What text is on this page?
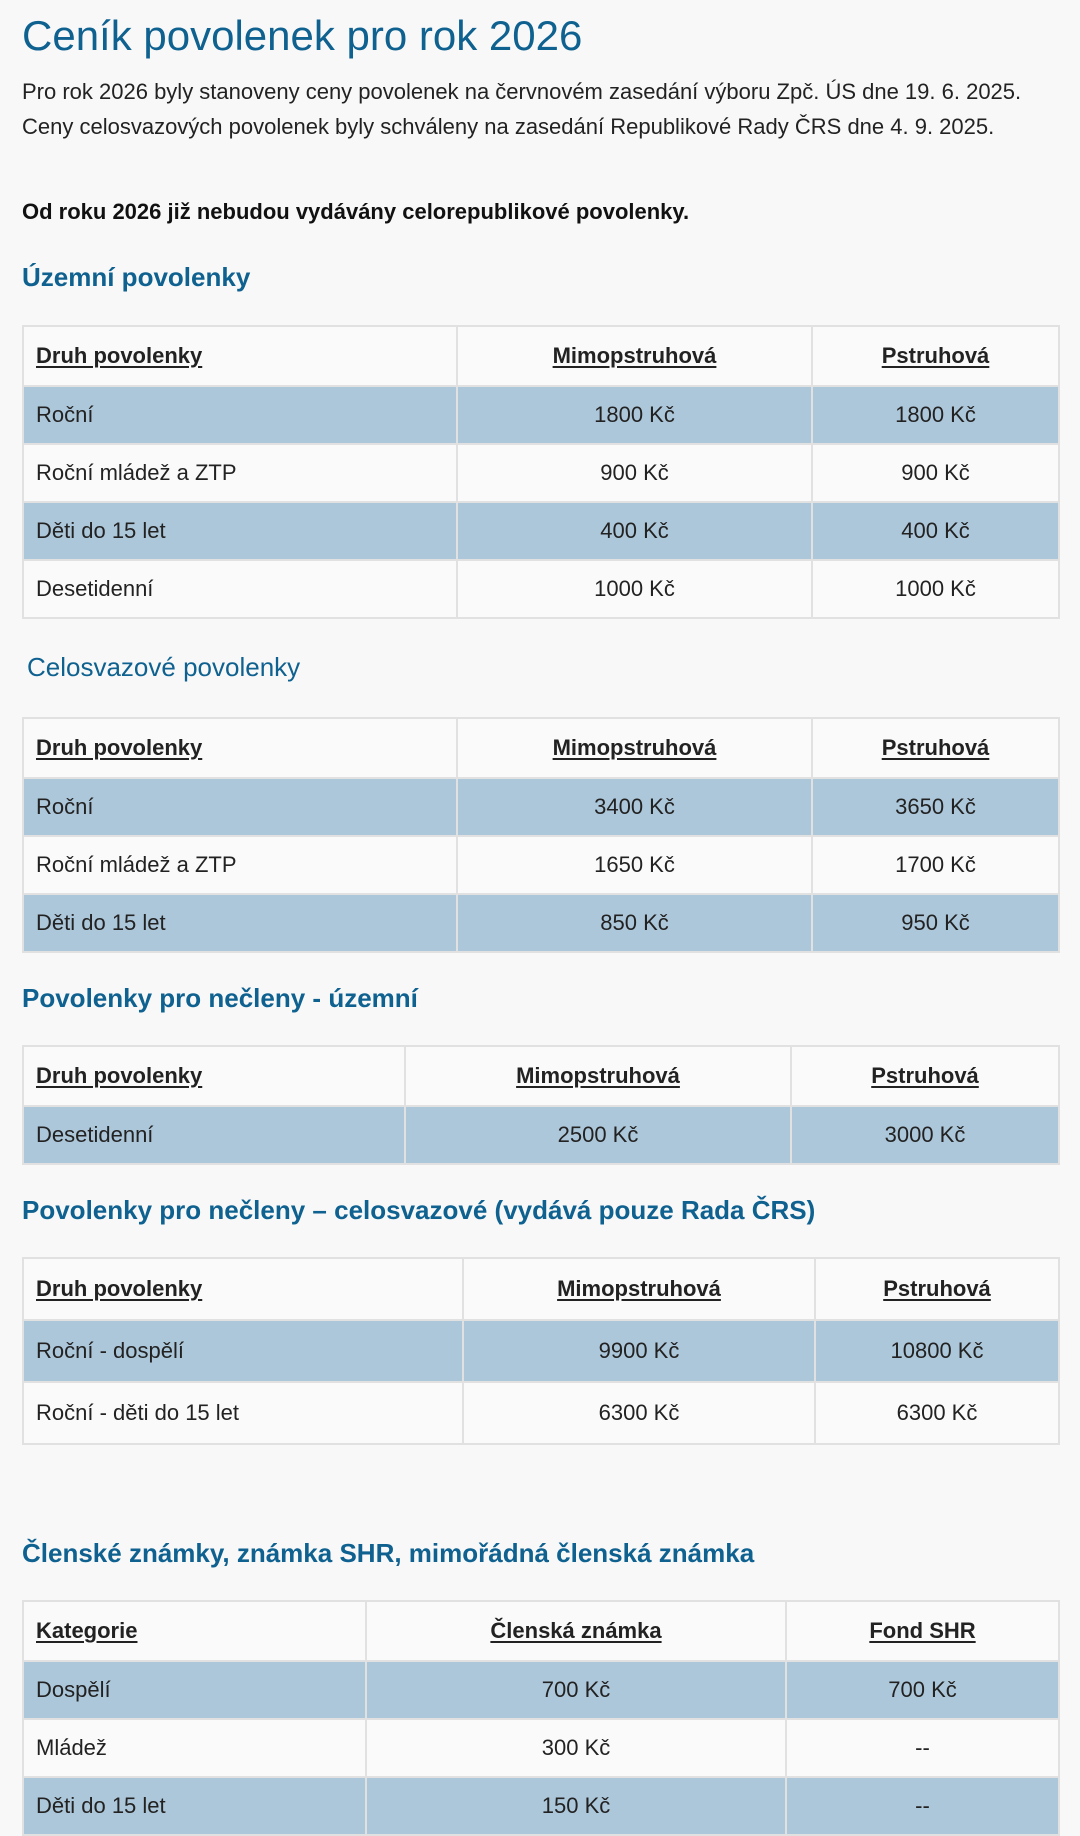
Ceník povolenek pro rok 2026

Pro rok 2026 byly stanoveny ceny povolenek na červnovém zasedání výboru Zpč. ÚS dne 19. 6. 2025. Ceny celosvazových povolenek byly schváleny na zasedání Republikové Rady ČRS dne 4. 9. 2025.

Od roku 2026 již nebudou vydávány celorepublikové povolenky.

Územní povolenky
Druh povolenky	Mimopstruhová	Pstruhová
Roční	1800 Kč	1800 Kč
Roční mládež a ZTP	900 Kč	900 Kč
Děti do 15 let	400 Kč	400 Kč
Desetidenní	1000 Kč	1000 Kč
Celosvazové povolenky
Druh povolenky	Mimopstruhová	Pstruhová
Roční	3400 Kč	3650 Kč
Roční mládež a ZTP	1650 Kč	1700 Kč
Děti do 15 let	850 Kč	950 Kč
Povolenky pro nečleny - územní
Druh povolenky	Mimopstruhová	Pstruhová
Desetidenní	2500 Kč	3000 Kč
Povolenky pro nečleny – celosvazové (vydává pouze Rada ČRS)
Druh povolenky	Mimopstruhová	Pstruhová
Roční - dospělí	9900 Kč	10800 Kč
Roční - děti do 15 let	6300 Kč	6300 Kč
Členské známky, známka SHR, mimořádná členská známka
Kategorie	Členská známka	Fond SHR
Dospělí	700 Kč	700 Kč
Mládež	300 Kč	--
Děti do 15 let	150 Kč	--
